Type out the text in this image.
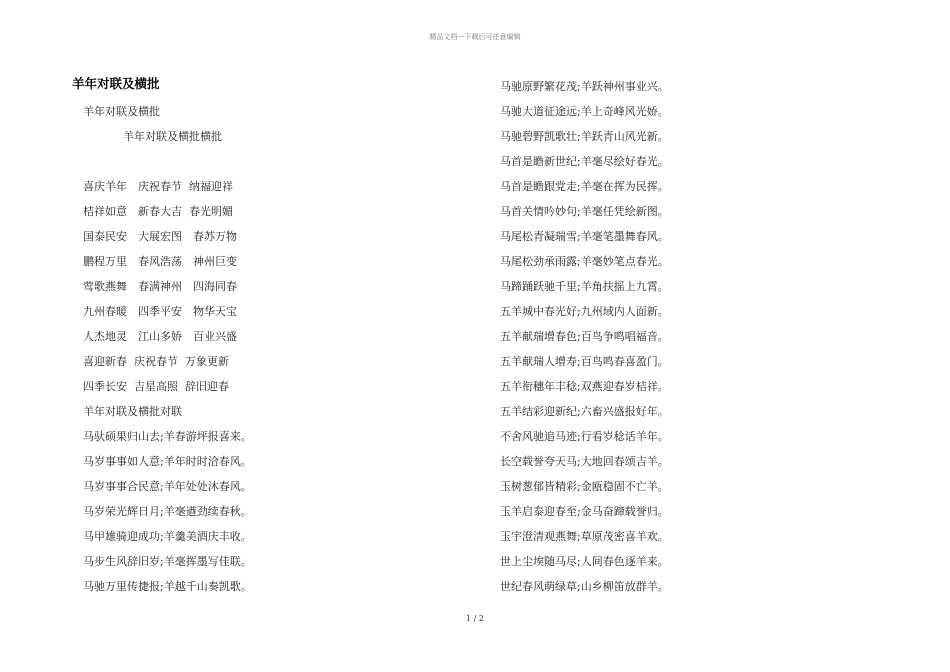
精品文档---下载后可任意编辑
羊年对联及横批
羊年对联及横批
羊年对联及横批横批
喜庆羊年　庆祝春节  纳福迎祥
桔祥如意　新春大吉  春光明媚
国泰民安　大展宏图　春苏万物
鹏程万里　春风浩荡　神州巨变
莺歌燕舞　春满神州　四海同春
九州春暖　四季平安　物华天宝
人杰地灵　江山多娇　百业兴盛
喜迎新春  庆祝春节  万象更新
四季长安  吉星高照  辞旧迎春
羊年对联及横批对联
马驮硕果归山去;羊春游坪报喜来。
马岁事事如人意;羊年时时洽春风。
马岁事事合民意;羊年处处沐春风。
马岁荣光辉日月;羊毫遒劲续春秋。
马甲雄骑迎成功;羊羹美酒庆丰收。
马步生风辞旧岁;羊毫挥墨写佳联。
马驰万里传捷报;羊越千山奏凯歌。
马驰原野繁花茂;羊跃神州事业兴。
马驰大道征途远;羊上奇峰风光娇。
马驰碧野凯歌壮;羊跃青山风光新。
马首是瞻新世纪;羊毫尽绘好春光。
马首是瞻跟党走;羊毫在挥为民挥。
马首关情吟妙句;羊毫任凭绘新图。
马尾松青凝瑞雪;羊毫笔墨舞春风。
马尾松劲承雨露;羊毫妙笔点春光。
马蹄踊跃驰千里;羊角扶摇上九霄。
五羊城中春光好;九州域内人面新。
五羊献瑞增春色;百鸟争鸣唱福音。
五羊献瑞人增寿;百鸟鸣春喜盈门。
五羊衔穗年丰稔;双燕迎春岁桔祥。
五羊结彩迎新纪;六畜兴盛报好年。
不舍风驰追马迹;行看岁稔话羊年。
长空载誉夸天马;大地回春颂吉羊。
玉树葱郁皆精彩;金瓯稳固不亡羊。
玉羊启泰迎春至;金马奋蹄载誉归。
玉宇澄清观燕舞;草原茂密喜羊欢。
世上尘埃随马尽;人间春色逐羊来。
世纪春风萌绿草;山乡柳笛放群羊。
1 / 2
